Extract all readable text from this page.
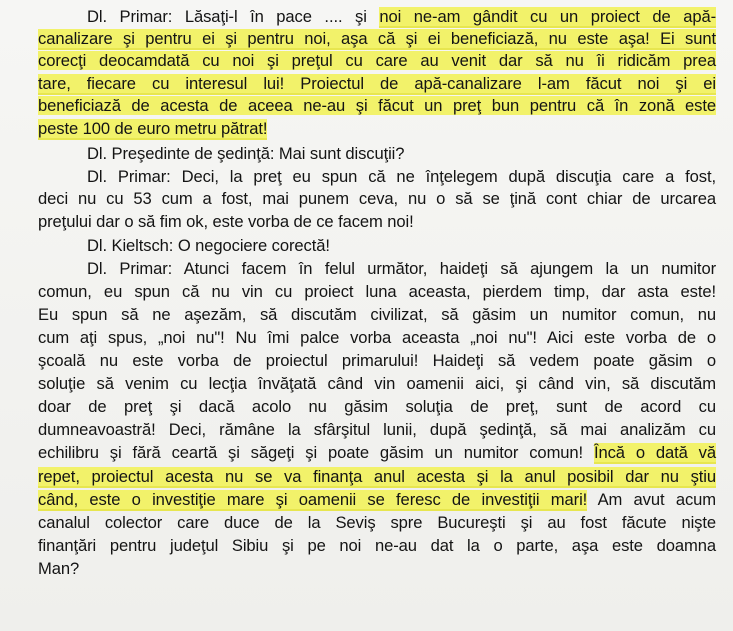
Dl. Primar: Lăsaţi-l în pace .... şi noi ne-am gândit cu un proiect de apă-
canalizare şi pentru ei şi pentru noi, aşa că şi ei beneficiază, nu este aşa! Ei sunt
corecţi deocamdată cu noi şi preţul cu care au venit dar să nu îi ridicăm prea
tare, fiecare cu interesul lui! Proiectul de apă-canalizare l-am făcut noi şi ei
beneficiază de acesta de aceea ne-au şi făcut un preţ bun pentru că în zonă este
peste 100 de euro metru pătrat!
Dl. Preşedinte de şedinţă: Mai sunt discuţii?
Dl. Primar: Deci, la preţ eu spun că ne înţelegem după discuţia care a fost,
deci nu cu 53 cum a fost, mai punem ceva, nu o să se ţină cont chiar de urcarea
preţului dar o să fim ok, este vorba de ce facem noi!
Dl. Kieltsch: O negociere corectă!
Dl. Primar: Atunci facem în felul următor, haideţi să ajungem la un numitor
comun, eu spun că nu vin cu proiect luna aceasta, pierdem timp, dar asta este!
Eu spun să ne aşezăm, să discutăm civilizat, să găsim un numitor comun, nu
cum aţi spus, „noi nu"! Nu îmi palce vorba aceasta „noi nu"! Aici este vorba de o
şcoală nu este vorba de proiectul primarului! Haideţi să vedem poate găsim o
soluţie să venim cu lecţia învăţată când vin oamenii aici, şi când vin, să discutăm
doar de preţ şi dacă acolo nu găsim soluţia de preţ, sunt de acord cu
dumneavoastră! Deci, rămâne la sfârşitul lunii, după şedinţă, să mai analizăm cu
echilibru şi fără ceartă şi săgeţi şi poate găsim un numitor comun! Încă o dată vă
repet, proiectul acesta nu se va finanţa anul acesta şi la anul posibil dar nu ştiu
când, este o investiţie mare şi oamenii se feresc de investiţii mari! Am avut acum
canalul colector care duce de la Seviş spre Bucureşti şi au fost făcute nişte
finanţări pentru judeţul Sibiu şi pe noi ne-au dat la o parte, aşa este doamna
Man?
